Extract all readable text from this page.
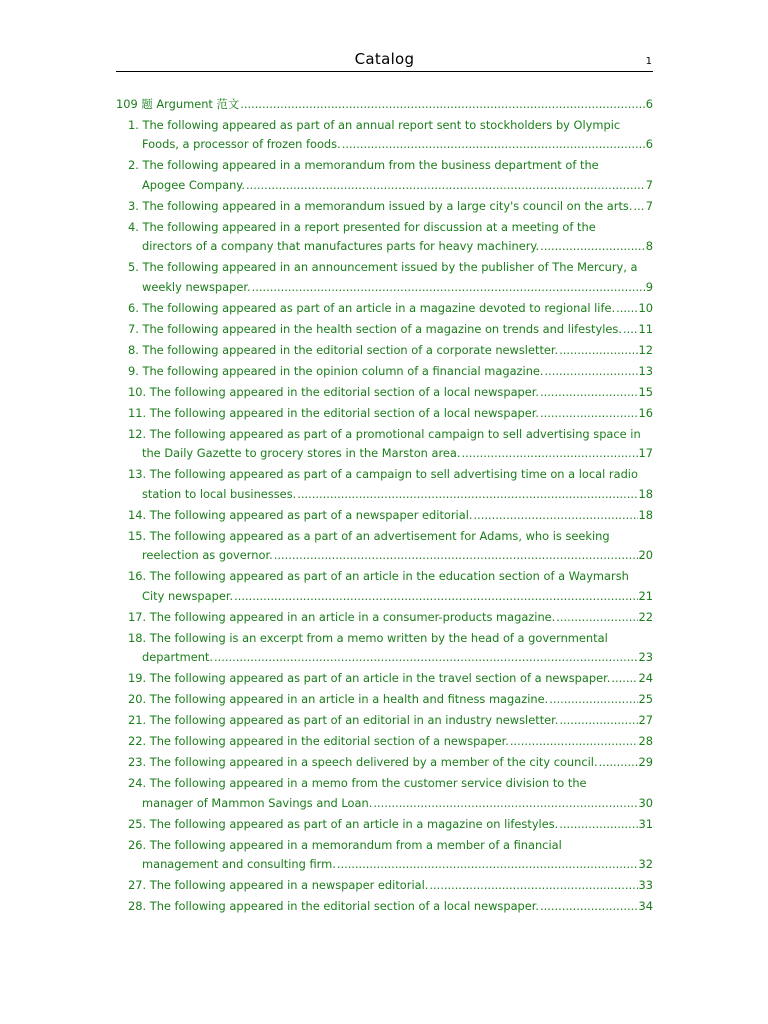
Catalog	1
109 题 Argument 范文 .....	6
1. The following appeared as part of an annual report sent to stockholders by Olympic
Foods, a processor of frozen foods. .....	6
2. The following appeared in a memorandum from the business department of the
Apogee Company. .....	7
3. The following appeared in a memorandum issued by a large city's council on the arts. ..... 7
4. The following appeared in a report presented for discussion at a meeting of the
directors of a company that manufactures parts for heavy machinery. .....	8
5. The following appeared in an announcement issued by the publisher of The Mercury, a
weekly newspaper. .....	9
6. The following appeared as part of an article in a magazine devoted to regional life. ..... 10
7. The following appeared in the health section of a magazine on trends and lifestyles. ..... 11
8. The following appeared in the editorial section of a corporate newsletter. .....	12
9. The following appeared in the opinion column of a financial magazine. .....	13
10. The following appeared in the editorial section of a local newspaper. .....	15
11. The following appeared in the editorial section of a local newspaper. .....	16
12. The following appeared as part of a promotional campaign to sell advertising space in
the Daily Gazette to grocery stores in the Marston area. .....	17
13. The following appeared as part of a campaign to sell advertising time on a local radio
station to local businesses. .....	18
14. The following appeared as part of a newspaper editorial. .....	18
15. The following appeared as a part of an advertisement for Adams, who is seeking
reelection as governor. .....	20
16. The following appeared as part of an article in the education section of a Waymarsh
City newspaper. .....	21
17. The following appeared in an article in a consumer-products magazine. .....	22
18. The following is an excerpt from a memo written by the head of a governmental
department. .....	23
19. The following appeared as part of an article in the travel section of a newspaper. ..... 24
20. The following appeared in an article in a health and fitness magazine. .....	25
21. The following appeared as part of an editorial in an industry newsletter. .....	27
22. The following appeared in the editorial section of a newspaper. .....	28
23. The following appeared in a speech delivered by a member of the city council. .....	29
24. The following appeared in a memo from the customer service division to the
manager of Mammon Savings and Loan. .....	30
25. The following appeared as part of an article in a magazine on lifestyles. .....	31
26. The following appeared in a memorandum from a member of a financial
management and consulting firm. .....	32
27. The following appeared in a newspaper editorial. .....	33
28. The following appeared in the editorial section of a local newspaper. .....	34
